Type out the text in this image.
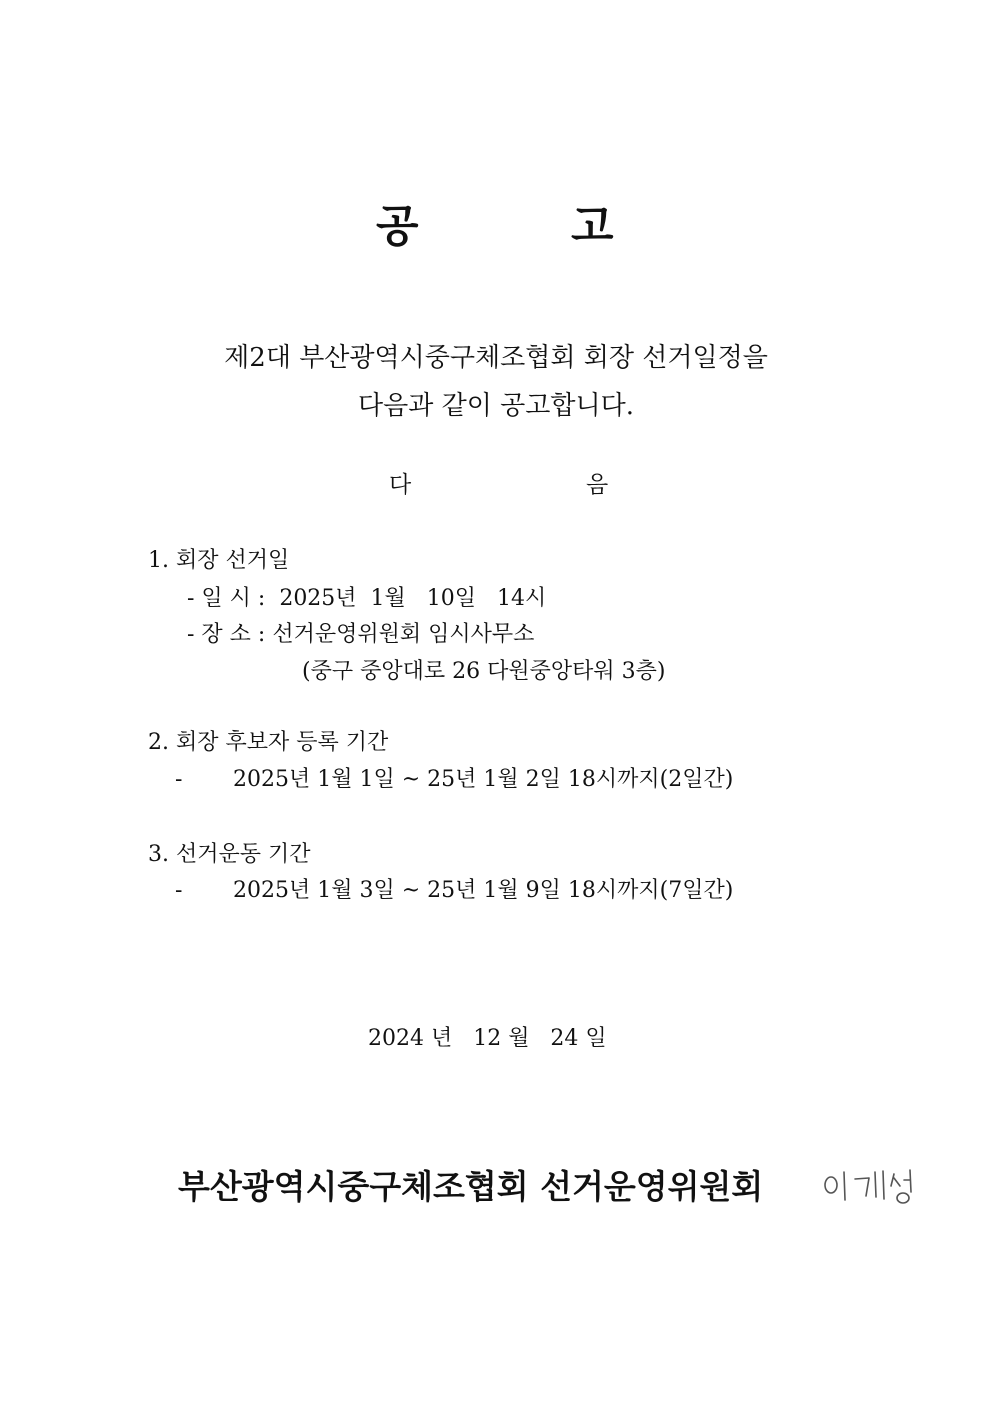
공	고
제2대 부산광역시중구체조협회 회장 선거일정을
다음과 같이 공고합니다.
다	음
1. 회장 선거일
- 일 시 :  2025년  1월   10일   14시
- 장 소 : 선거운영위원회 임시사무소
(중구 중앙대로 26 다원중앙타워 3층)
2. 회장 후보자 등록 기간
- 2025년 1월 1일 ~ 25년 1월 2일 18시까지(2일간)
3. 선거운동 기간
- 2025년 1월 3일 ~ 25년 1월 9일 18시까지(7일간)
2024 년   12 월   24 일
부산광역시중구체조협회 선거운영위원회
